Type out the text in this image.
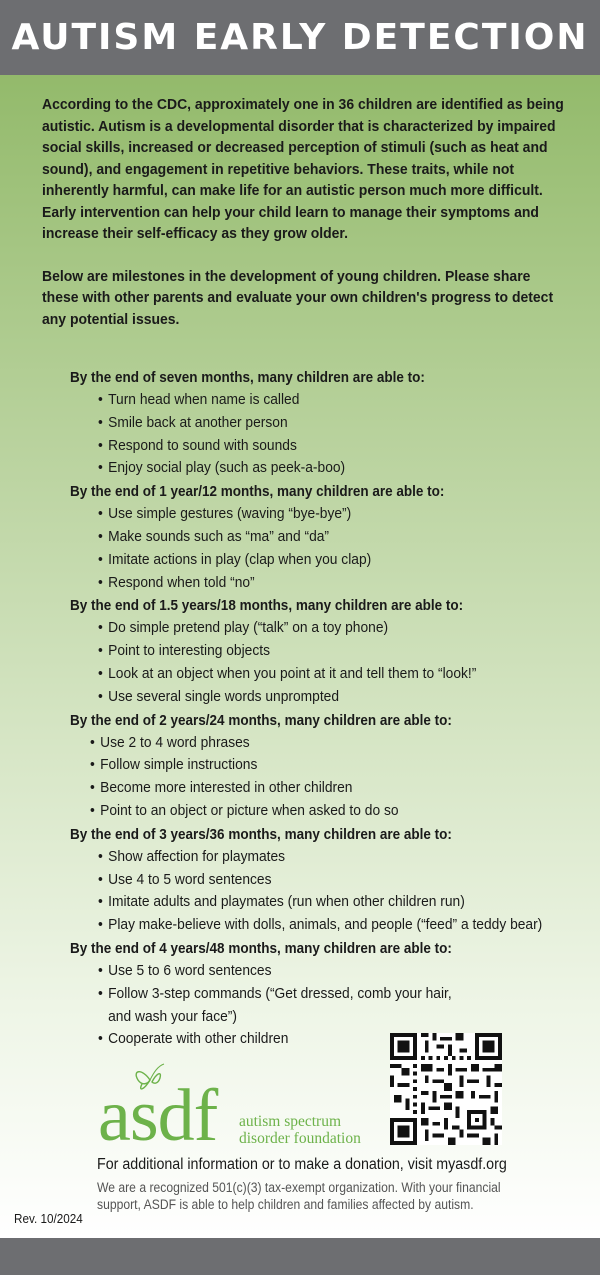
AUTISM EARLY DETECTION

According to the CDC, approximately one in 36 children are identified as being autistic. Autism is a developmental disorder that is characterized by impaired social skills, increased or decreased perception of stimuli (such as heat and sound), and engagement in repetitive behaviors. These traits, while not inherently harmful, can make life for an autistic person much more difficult. Early intervention can help your child learn to manage their symptoms and increase their self-efficacy as they grow older.

Below are milestones in the development of young children. Please share these with other parents and evaluate your own children's progress to detect any potential issues.

By the end of seven months, many children are able to:
• Turn head when name is called
• Smile back at another person
• Respond to sound with sounds
• Enjoy social play (such as peek-a-boo)
By the end of 1 year/12 months, many children are able to:
• Use simple gestures (waving “bye-bye”)
• Make sounds such as “ma” and “da”
• Imitate actions in play (clap when you clap)
• Respond when told “no”
By the end of 1.5 years/18 months, many children are able to:
• Do simple pretend play (“talk” on a toy phone)
• Point to interesting objects
• Look at an object when you point at it and tell them to “look!”
• Use several single words unprompted
By the end of 2 years/24 months, many children are able to:
• Use 2 to 4 word phrases
• Follow simple instructions
• Become more interested in other children
• Point to an object or picture when asked to do so
By the end of 3 years/36 months, many children are able to:
• Show affection for playmates
• Use 4 to 5 word sentences
• Imitate adults and playmates (run when other children run)
• Play make-believe with dolls, animals, and people (“feed” a teddy bear)
By the end of 4 years/48 months, many children are able to:
• Use 5 to 6 word sentences
• Follow 3-step commands (“Get dressed, comb your hair, and wash your face”)
• Cooperate with other children
asdf autism spectrum
disorder foundation
For additional information or to make a donation, visit myasdf.org
We are a recognized 501(c)(3) tax-exempt organization. With your financial support, ASDF is able to help children and families affected by autism.
Rev. 10/2024
